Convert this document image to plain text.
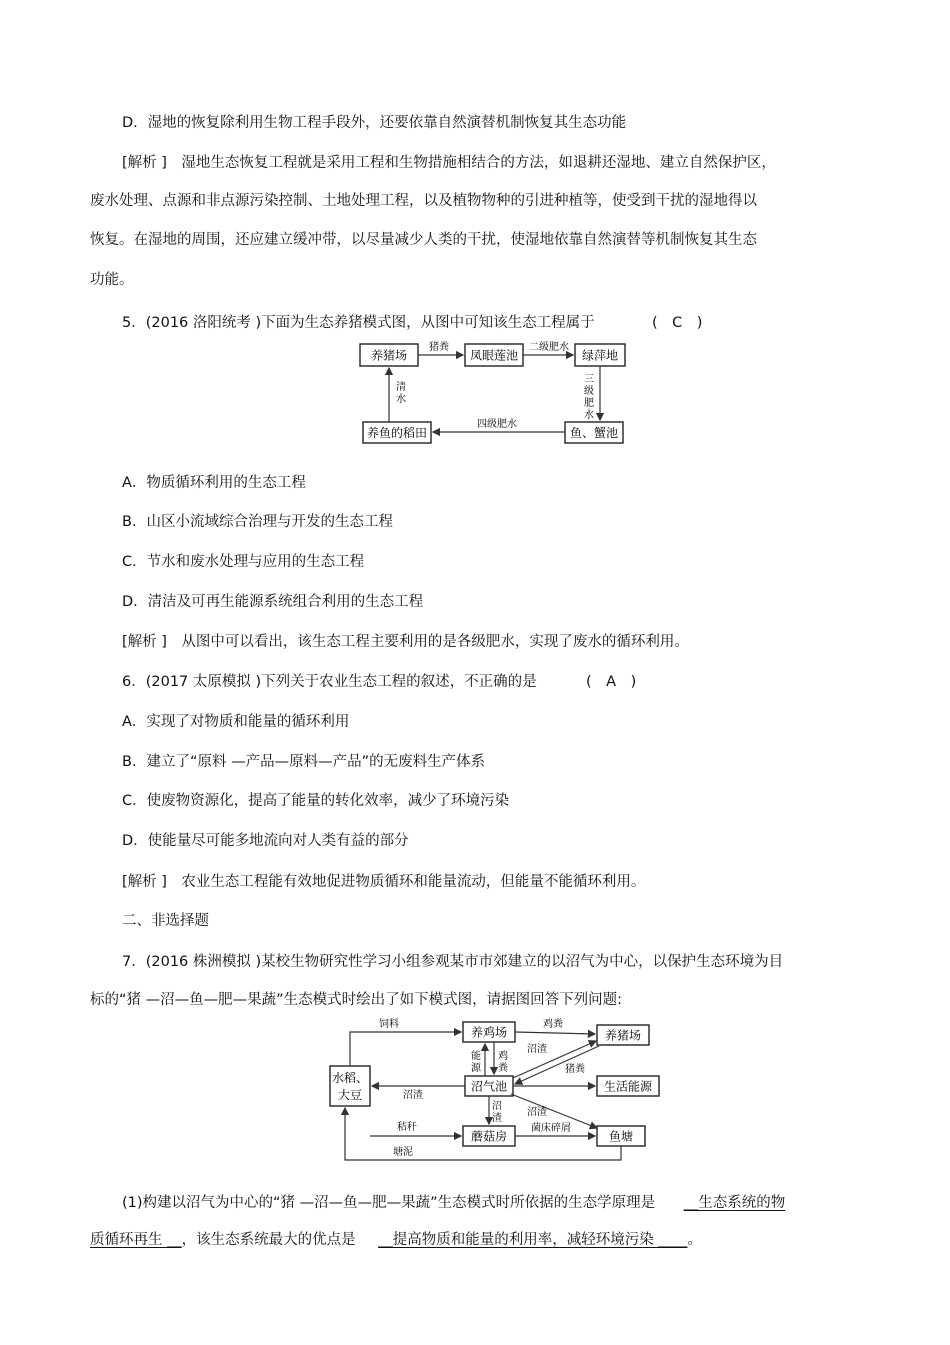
D．湿地的恢复除利用生物工程手段外，还要依靠自然演替机制恢复其生态功能
[解析 ]　湿地生态恢复工程就是采用工程和生物措施相结合的方法，如退耕还湿地、建立自然保护区，
废水处理、点源和非点源污染控制、土地处理工程，以及植物物种的引进种植等，使受到干扰的湿地得以
恢复。在湿地的周围，还应建立缓冲带，以尽量减少人类的干扰，使湿地依靠自然演替等机制恢复其生态
功能。
5．(2016 洛阳统考 )下面为生态养猪模式图，从图中可知该生态工程属于	(　C　)
养猪场	凤眼莲池	绿萍地
鱼、蟹池
养鱼的稻田
猪粪	二级肥水
三
级
肥
水
四级肥水
清
水
A．物质循环利用的生态工程
B．山区小流域综合治理与开发的生态工程
C．节水和废水处理与应用的生态工程
D．清洁及可再生能源系统组合利用的生态工程
[解析 ]　从图中可以看出，该生态工程主要利用的是各级肥水，实现了废水的循环利用。
6．(2017 太原模拟 )下列关于农业生态工程的叙述，不正确的是	(　A　)
A．实现了对物质和能量的循环利用
B．建立了“原料 —产品—原料—产品”的无废料生产体系
C．使废物资源化，提高了能量的转化效率，减少了环境污染
D．使能量尽可能多地流向对人类有益的部分
[解析 ]　农业生态工程能有效地促进物质循环和能量流动，但能量不能循环利用。
二、非选择题
7．(2016 株洲模拟 )某校生物研究性学习小组参观某市市郊建立的以沼气为中心，以保护生态环境为目
标的“猪 —沼—鱼—肥—果蔬”生态模式时绘出了如下模式图，请据图回答下列问题:
水稻、
大豆
养鸡场	养猪场
沼气池	生活能源
蘑菇房	鱼塘
饲料	鸡粪
能
源
鸡
粪
沼渣
猪粪
沼渣
沼
渣
秸秆
沼渣
菌床碎屑
塘泥
(1)构建以沼气为中心的“猪 —沼—鱼—肥—果蔬”生态模式时所依据的生态学原理是 __生态系统的物
质循环再生 __，该生态系统最大的优点是 __提高物质和能量的利用率，减轻环境污染 ____。
